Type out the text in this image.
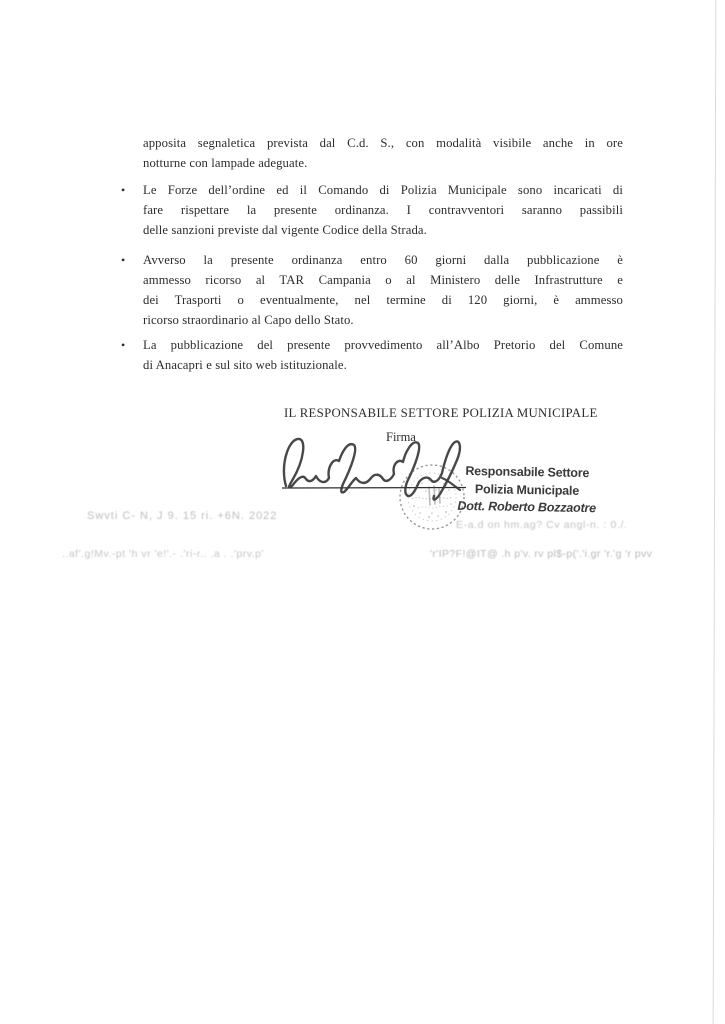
apposita segnaletica prevista dal C.d. S., con modalità visibile anche in ore
notturne con lampade adeguate.
•	Le Forze dell’ordine ed il Comando di Polizia Municipale sono incaricati di
fare rispettare la presente ordinanza. I contravventori saranno passibili
delle sanzioni previste dal vigente Codice della Strada.
•	Avverso la presente ordinanza entro 60 giorni dalla pubblicazione è
ammesso ricorso al TAR Campania o al Ministero delle Infrastrutture e
dei Trasporti o eventualmente, nel termine di 120 giorni, è ammesso
ricorso straordinario al Capo dello Stato.
•	La pubblicazione del presente provvedimento all’Albo Pretorio del Comune
di Anacapri e sul sito web istituzionale.
IL RESPONSABILE SETTORE POLIZIA MUNICIPALE
Firma
Responsabile Settore
Polizia Municipale
Dott. Roberto Bozzaotre
Swvti C- N, J 9. 15 ri. +6N. 2022
E-a.d on hm.ag? Cv angl-n. : 0./.
..af'.g!Mv.-pt 'h vr 'e!'.- .'ri-r.. .a . .'prv.p'	'r'IP?F!@IT@ .h p'v. rv pl$-p('.'i.gr 'r.'g 'r pvv
